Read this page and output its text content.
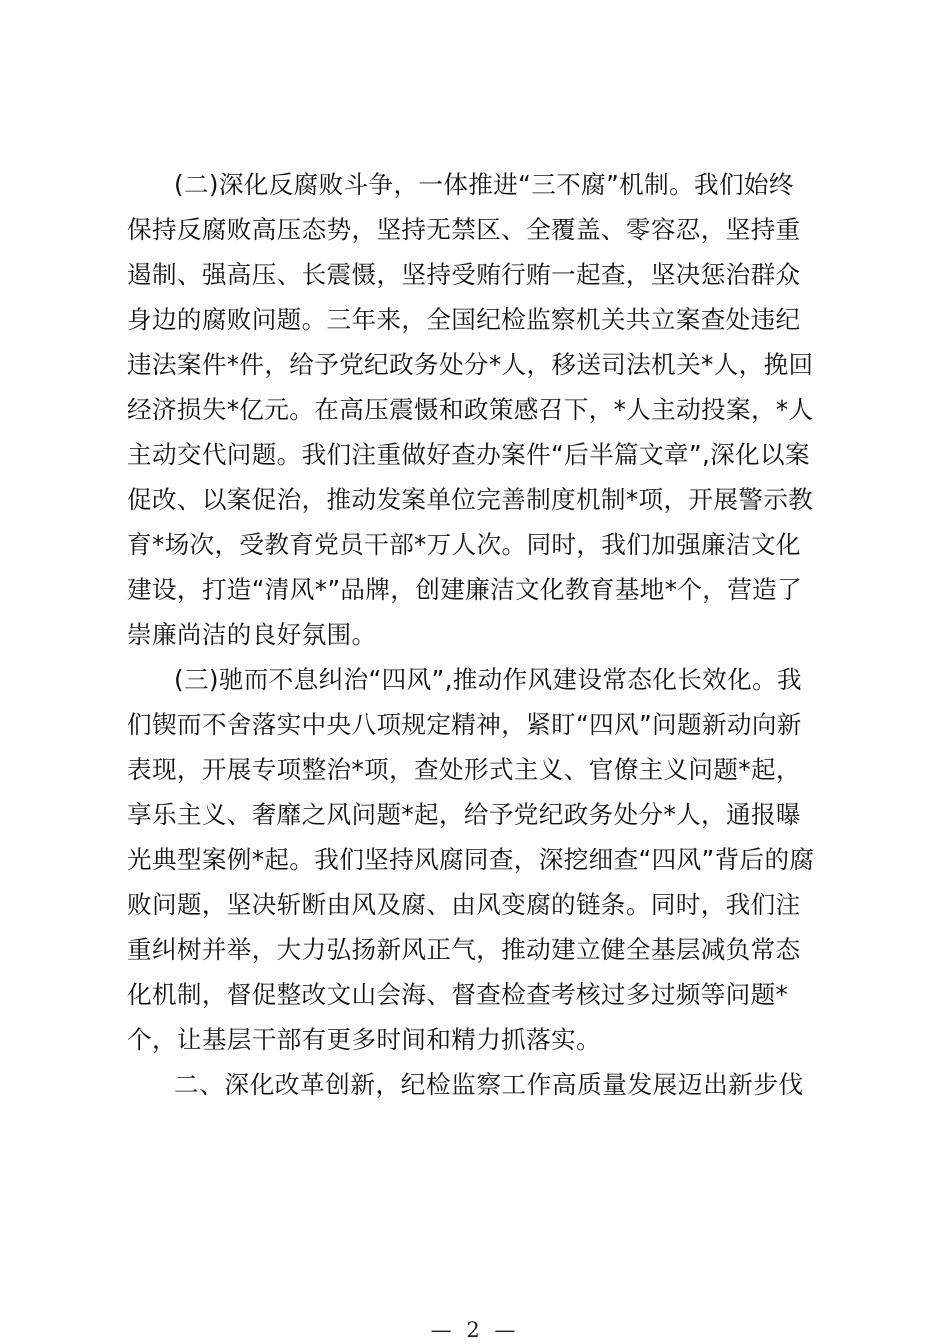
(二)深化反腐败斗争，一体推进“三不腐”机制。我们始终
保持反腐败高压态势，坚持无禁区、全覆盖、零容忍，坚持重
遏制、强高压、长震慑，坚持受贿行贿一起查，坚决惩治群众
身边的腐败问题。三年来，全国纪检监察机关共立案查处违纪
违法案件*件，给予党纪政务处分*人，移送司法机关*人，挽回
经济损失*亿元。在高压震慑和政策感召下，*人主动投案，*人
主动交代问题。我们注重做好查办案件“后半篇文章”,深化以案
促改、以案促治，推动发案单位完善制度机制*项，开展警示教
育*场次，受教育党员干部*万人次。同时，我们加强廉洁文化
建设，打造“清风*”品牌，创建廉洁文化教育基地*个，营造了
崇廉尚洁的良好氛围。
(三)驰而不息纠治“四风”,推动作风建设常态化长效化。我
们锲而不舍落实中央八项规定精神，紧盯“四风”问题新动向新
表现，开展专项整治*项，查处形式主义、官僚主义问题*起，
享乐主义、奢靡之风问题*起，给予党纪政务处分*人，通报曝
光典型案例*起。我们坚持风腐同查，深挖细查“四风”背后的腐
败问题，坚决斩断由风及腐、由风变腐的链条。同时，我们注
重纠树并举，大力弘扬新风正气，推动建立健全基层减负常态
化机制，督促整改文山会海、督查检查考核过多过频等问题*
个，让基层干部有更多时间和精力抓落实。
二、深化改革创新，纪检监察工作高质量发展迈出新步伐
— 2 —
